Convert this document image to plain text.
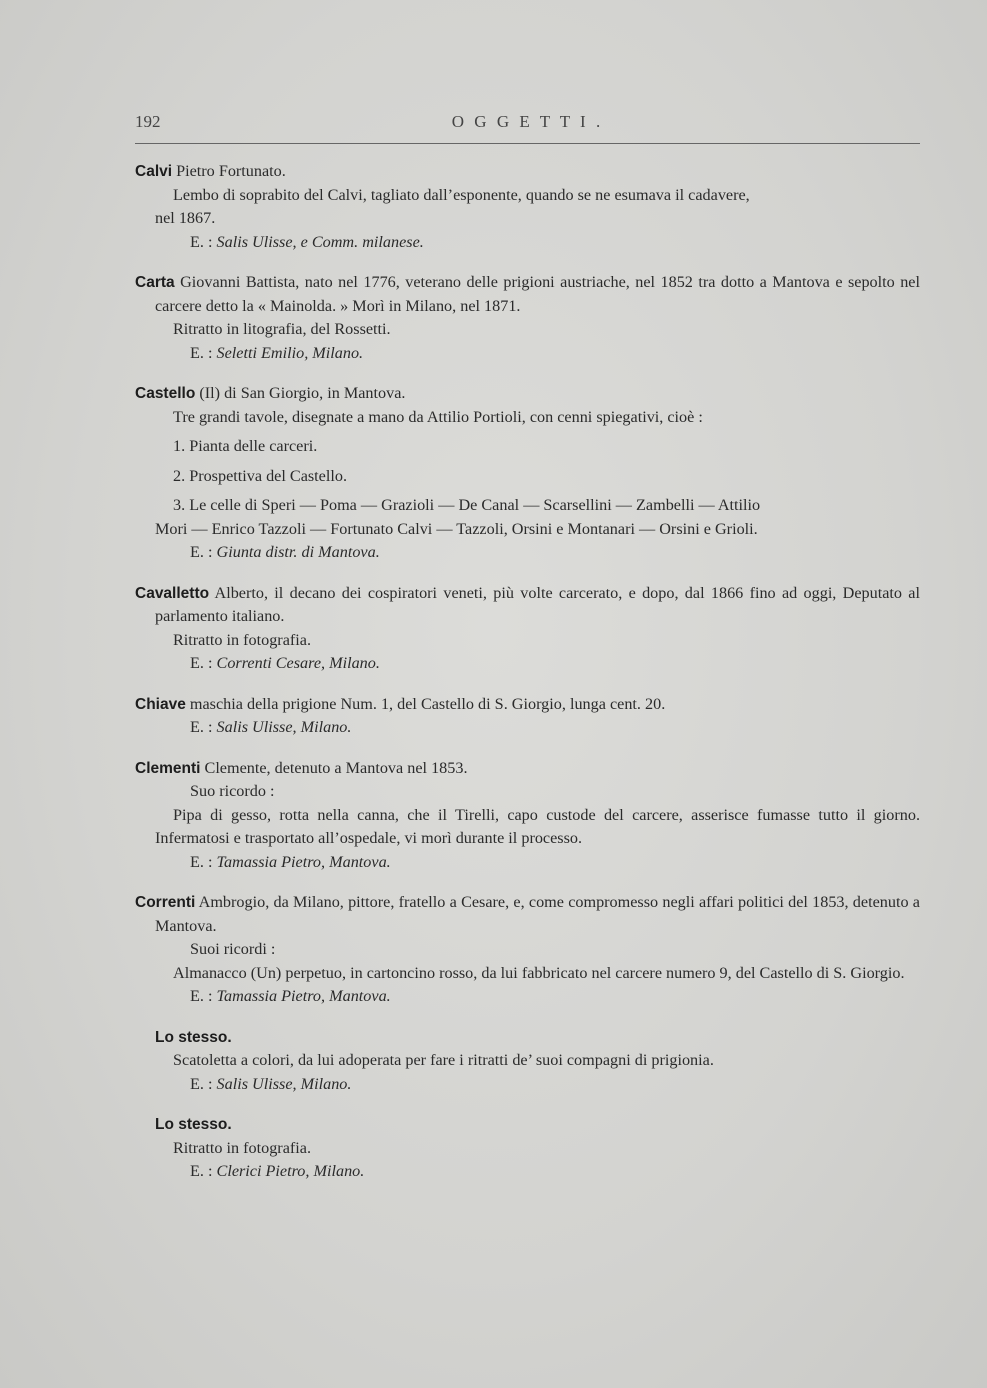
192	O G G E T T I .

Calvi Pietro Fortunato.

Lembo di soprabito del Calvi, tagliato dall’esponente, quando se ne esumava il cadavere,

nel 1867.

E. : Salis Ulisse, e Comm. milanese.

Carta Giovanni Battista, nato nel 1776, veterano delle prigioni austriache, nel 1852 tra dotto a Mantova e sepolto nel carcere detto la « Mainolda. » Morì in Milano, nel 1871.

Ritratto in litografia, del Rossetti.

E. : Seletti Emilio, Milano.

Castello (Il) di San Giorgio, in Mantova.

Tre grandi tavole, disegnate a mano da Attilio Portioli, con cenni spiegativi, cioè :

1. Pianta delle carceri.

2. Prospettiva del Castello.

3. Le celle di Speri — Poma — Grazioli — De Canal — Scarsellini — Zambelli — Attilio

Mori — Enrico Tazzoli — Fortunato Calvi — Tazzoli, Orsini e Montanari — Orsini e Grioli.

E. : Giunta distr. di Mantova.

Cavalletto Alberto, il decano dei cospiratori veneti, più volte carcerato, e dopo, dal 1866 fino ad oggi, Deputato al parlamento italiano.

Ritratto in fotografia.

E. : Correnti Cesare, Milano.

Chiave maschia della prigione Num. 1, del Castello di S. Giorgio, lunga cent. 20.

E. : Salis Ulisse, Milano.

Clementi Clemente, detenuto a Mantova nel 1853.

Suo ricordo :

Pipa di gesso, rotta nella canna, che il Tirelli, capo custode del carcere, asserisce fumasse tutto il giorno. Infermatosi e trasportato all’ospedale, vi morì durante il processo.

E. : Tamassia Pietro, Mantova.

Correnti Ambrogio, da Milano, pittore, fratello a Cesare, e, come compromesso negli affari politici del 1853, detenuto a Mantova.

Suoi ricordi :

Almanacco (Un) perpetuo, in cartoncino rosso, da lui fabbricato nel carcere numero 9, del Castello di S. Giorgio.

E. : Tamassia Pietro, Mantova.

Lo stesso.

Scatoletta a colori, da lui adoperata per fare i ritratti de’ suoi compagni di prigionia.

E. : Salis Ulisse, Milano.

Lo stesso.

Ritratto in fotografia.

E. : Clerici Pietro, Milano.
